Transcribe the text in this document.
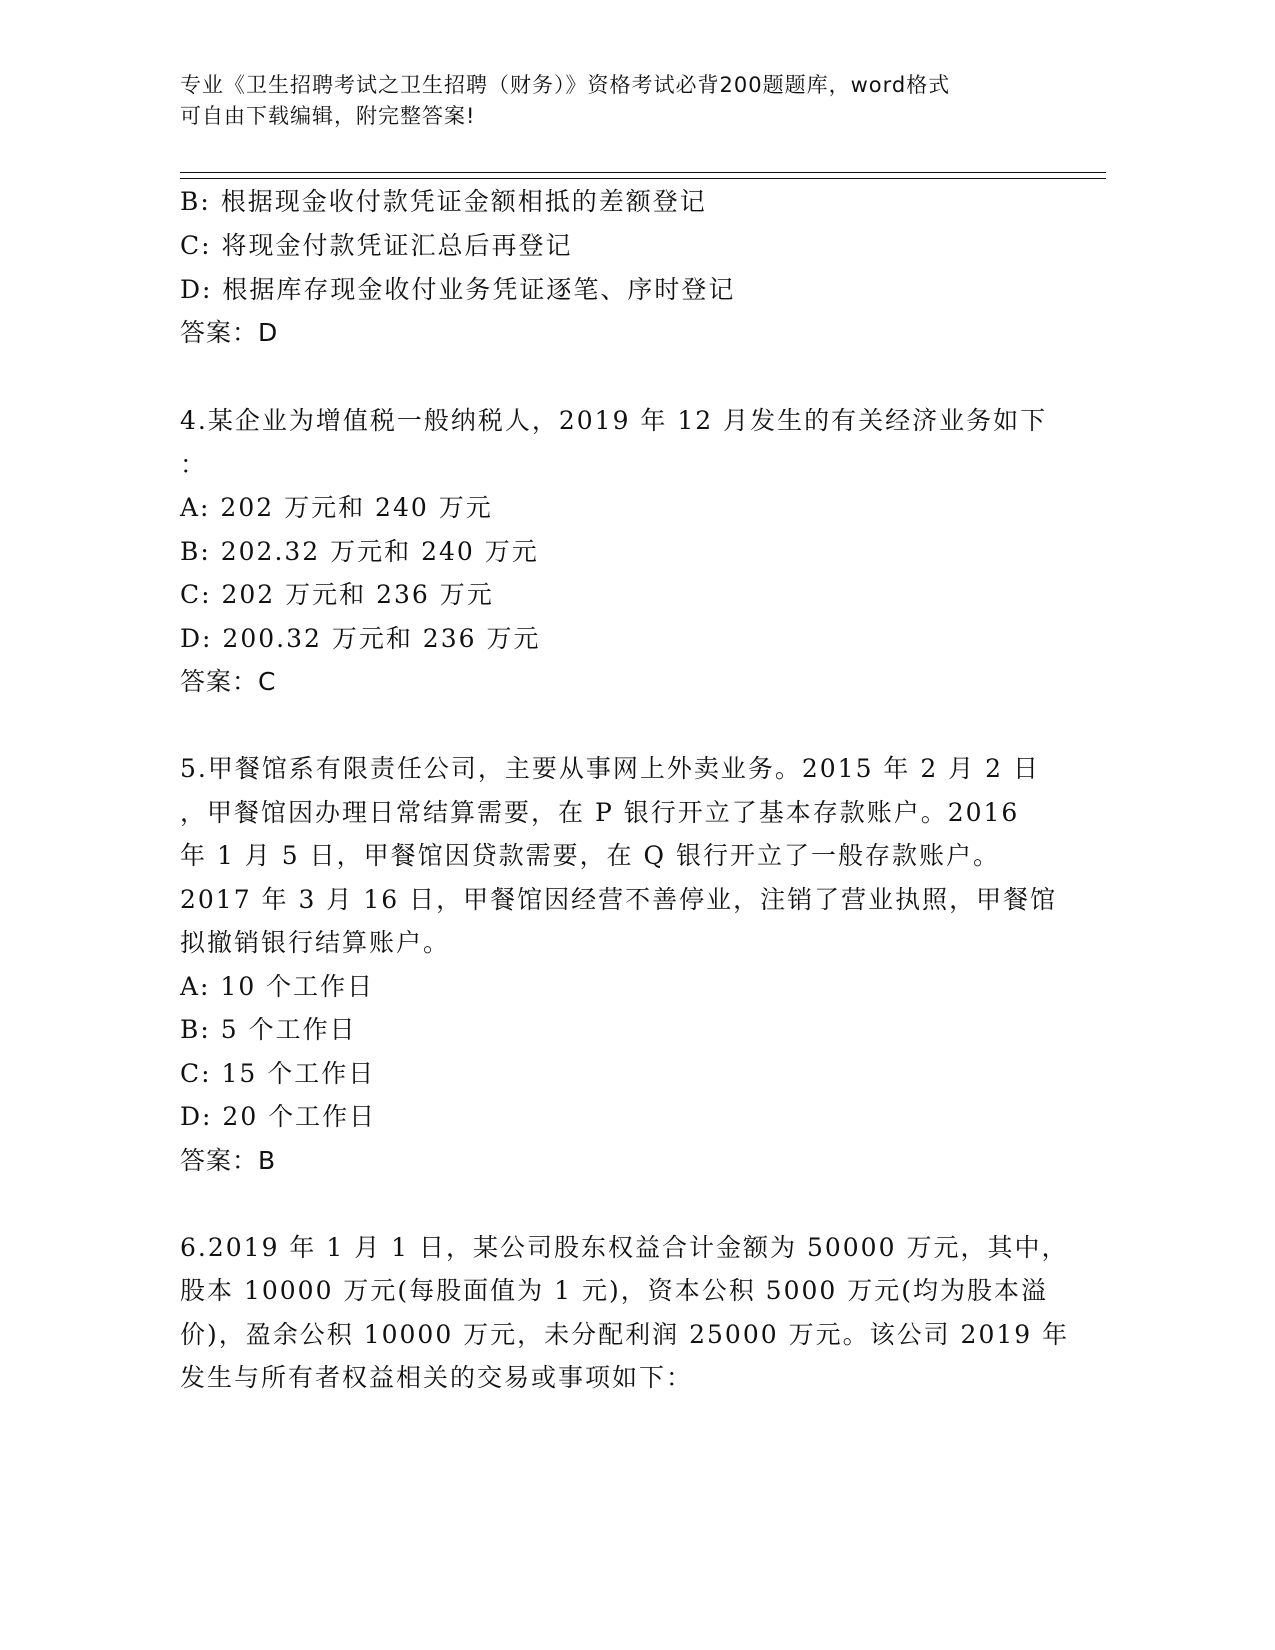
专业《卫生招聘考试之卫生招聘（财务）》资格考试必背200题题库，word格式
可自由下载编辑，附完整答案!
B: 根据现金收付款凭证金额相抵的差额登记
C: 将现金付款凭证汇总后再登记
D: 根据库存现金收付业务凭证逐笔、序时登记
答案：D
4.某企业为增值税一般纳税人，2019 年 12 月发生的有关经济业务如下
：
A: 202 万元和 240 万元
B: 202.32 万元和 240 万元
C: 202 万元和 236 万元
D: 200.32 万元和 236 万元
答案：C
5.甲餐馆系有限责任公司，主要从事网上外卖业务。2015 年 2 月 2 日
，甲餐馆因办理日常结算需要，在 P 银行开立了基本存款账户。2016
年 1 月 5 日，甲餐馆因贷款需要，在 Q 银行开立了一般存款账户。
2017 年 3 月 16 日，甲餐馆因经营不善停业，注销了营业执照，甲餐馆
拟撤销银行结算账户。
A: 10 个工作日
B: 5 个工作日
C: 15 个工作日
D: 20 个工作日
答案：B
6.2019 年 1 月 1 日，某公司股东权益合计金额为 50000 万元，其中，
股本 10000 万元(每股面值为 1 元)，资本公积 5000 万元(均为股本溢
价)，盈余公积 10000 万元，未分配利润 25000 万元。该公司 2019 年
发生与所有者权益相关的交易或事项如下：
